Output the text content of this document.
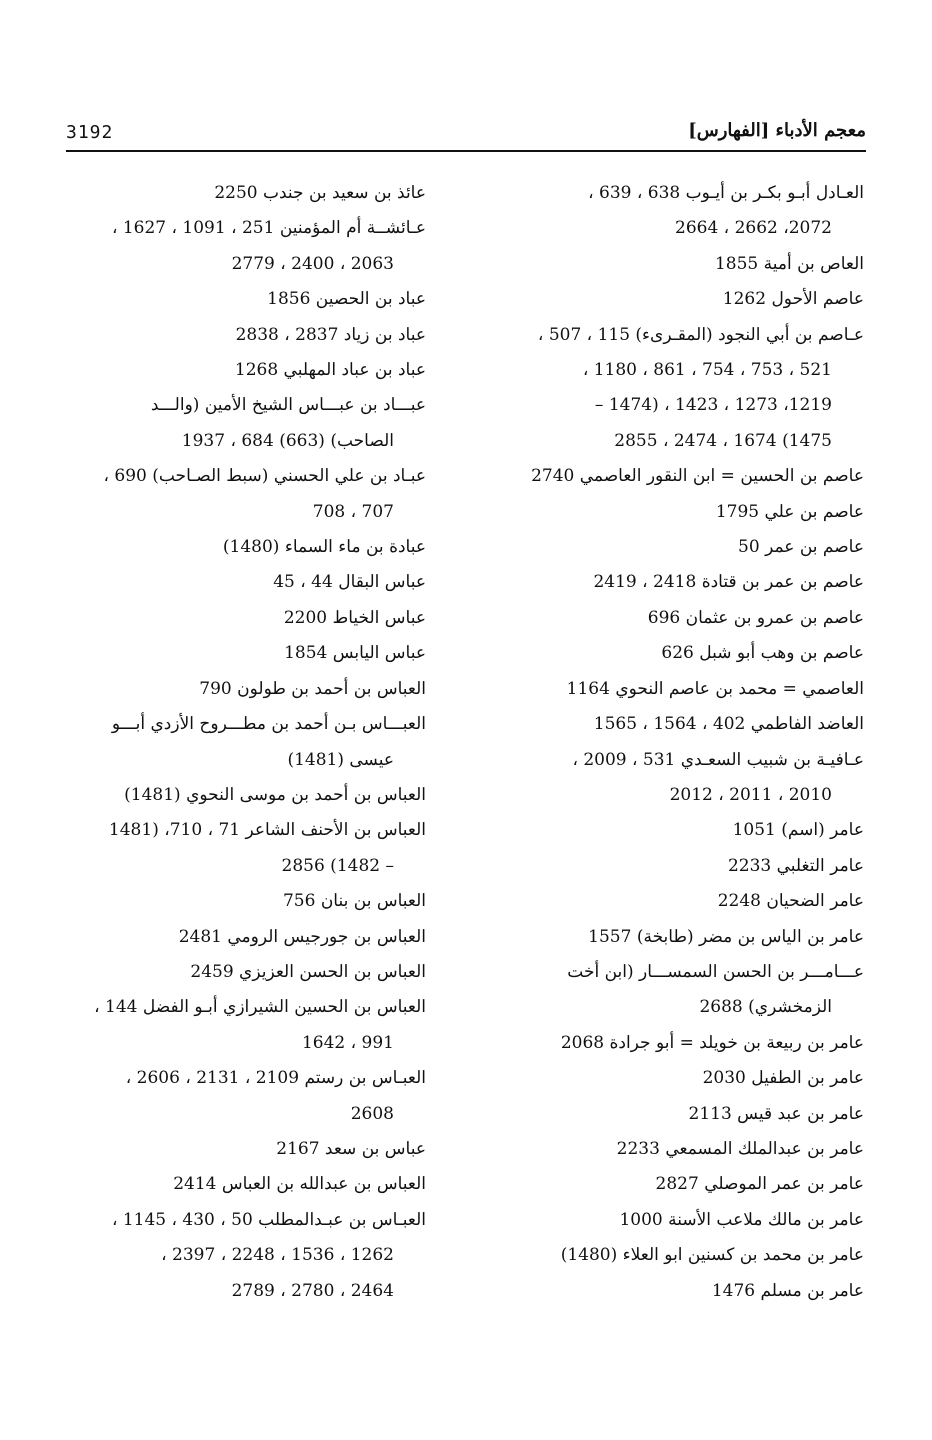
3192	معجم الأدباء [الفهارس]
العـادل أبـو بكـر بن أيـوب 638 ، 639 ،
2072، 2662 ، 2664
العاص بن أمية 1855
عاصم الأحول 1262
عـاصم بن أبي النجود (المقـرىء) 115 ، 507 ،
521 ، 753 ، 754 ، 861 ، 1180 ،
1219، 1273 ، 1423 ، (1474 –
1475) 1674 ، 2474 ، 2855
عاصم بن الحسين = ابن النقور العاصمي 2740
عاصم بن علي 1795
عاصم بن عمر 50
عاصم بن عمر بن قتادة 2418 ، 2419
عاصم بن عمرو بن عثمان 696
عاصم بن وهب أبو شبل 626
العاصمي = محمد بن عاصم النحوي 1164
العاضد الفاطمي 402 ، 1564 ، 1565
عـافيـة بن شبيب السعـدي 531 ، 2009 ،
2010 ، 2011 ، 2012
عامر (اسم) 1051
عامر التغلبي 2233
عامر الضحيان 2248
عامر بن الياس بن مضر (طابخة) 1557
عـــامـــر بن الحسن السمســـار (ابن أخت
الزمخشري) 2688
عامر بن ربيعة بن خويلد = أبو جرادة 2068
عامر بن الطفيل 2030
عامر بن عبد قيس 2113
عامر بن عبدالملك المسمعي 2233
عامر بن عمر الموصلي 2827
عامر بن مالك ملاعب الأسنة 1000
عامر بن محمد بن كسنين ابو العلاء (1480)
عامر بن مسلم 1476
عائذ بن سعيد بن جندب 2250
عـائشــة أم المؤمنين 251 ، 1091 ، 1627 ،
2063 ، 2400 ، 2779
عباد بن الحصين 1856
عباد بن زياد 2837 ، 2838
عباد بن عباد المهلبي 1268
عبـــاد بن عبـــاس الشيخ الأمين (والـــد
الصاحب) (663) 684 ، 1937
عبـاد بن علي الحسني (سبط الصـاحب) 690 ،
707 ، 708
عبادة بن ماء السماء (1480)
عباس البقال 44 ، 45
عباس الخياط 2200
عباس اليابس 1854
العباس بن أحمد بن طولون 790
العبـــاس بـن أحمد بن مطـــروح الأزدي أبـــو
عيسى (1481)
العباس بن أحمد بن موسى النحوي (1481)
العباس بن الأحنف الشاعر 71 ، 710، (1481
– 1482) 2856
العباس بن بنان 756
العباس بن جورجيس الرومي 2481
العباس بن الحسن العزيزي 2459
العباس بن الحسين الشيرازي أبـو الفضل 144 ،
991 ، 1642
العبـاس بن رستم 2109 ، 2131 ، 2606 ،
2608
عباس بن سعد 2167
العباس بن عبدالله بن العباس 2414
العبـاس بن عبـدالمطلب 50 ، 430 ، 1145 ،
1262 ، 1536 ، 2248 ، 2397 ،
2464 ، 2780 ، 2789
